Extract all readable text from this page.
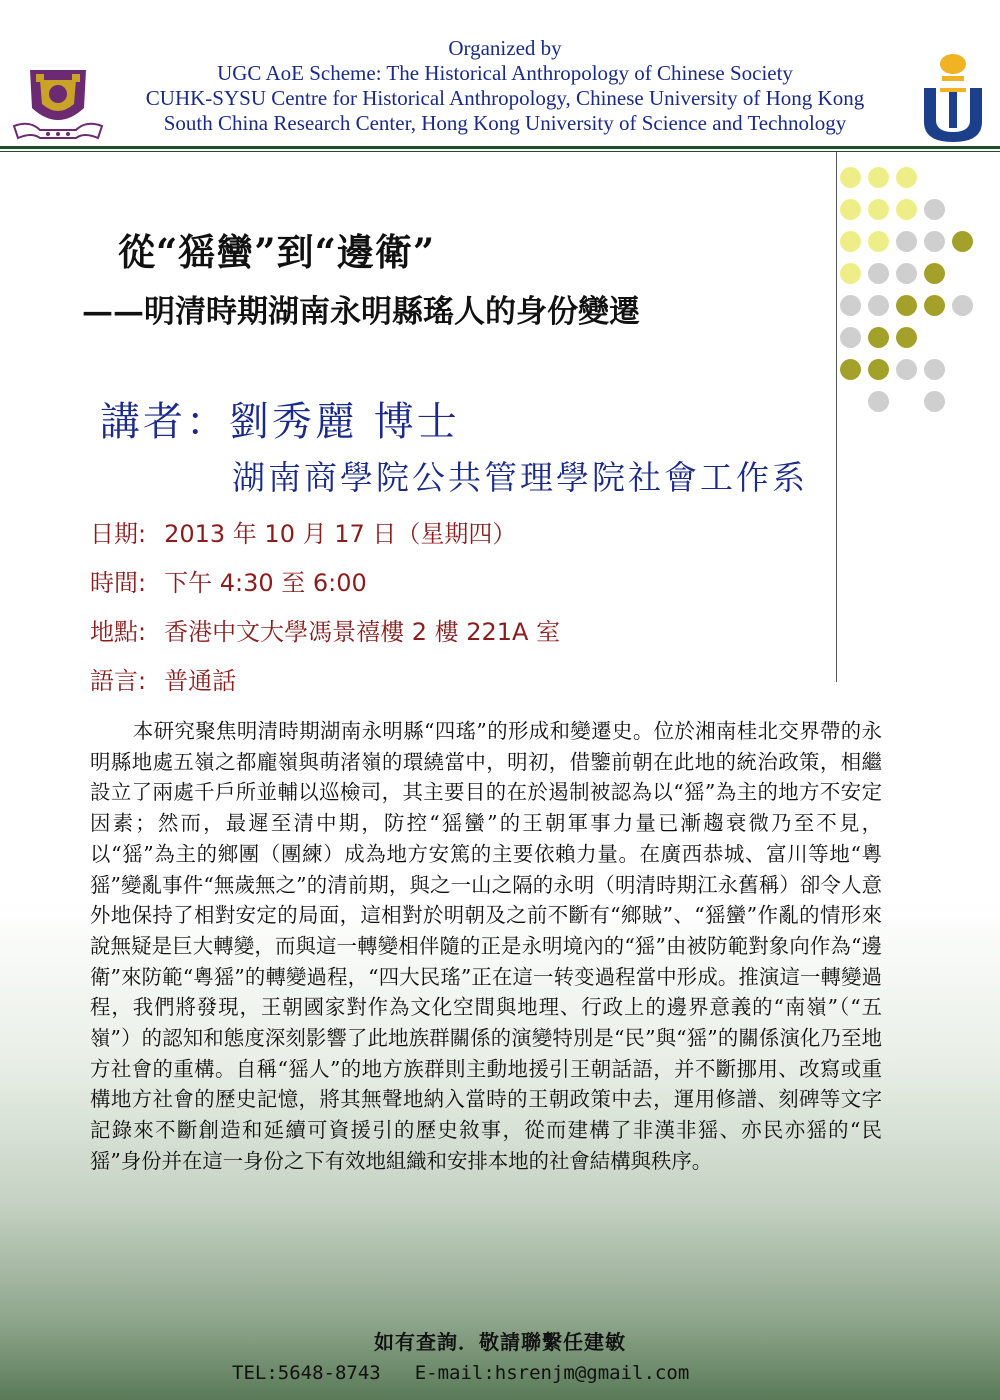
Organized by
UGC AoE Scheme: The Historical Anthropology of Chinese Society
CUHK-SYSU Centre for Historical Anthropology, Chinese University of Hong Kong
South China Research Center, Hong Kong University of Science and Technology
從“猺蠻”到“邊衛”
——明清時期湖南永明縣瑤人的身份變遷
講者：劉秀麗 博士
湖南商學院公共管理學院社會工作系
日期: 2013 年 10 月 17 日（星期四）
時間: 下午 4:30 至 6:00
地點: 香港中文大學馮景禧樓 2 樓 221A 室
語言: 普通話

本研究聚焦明清時期湖南永明縣“四瑤”的形成和變遷史。位於湘南桂北交界帶的永明縣地處五嶺之都龐嶺與萌渚嶺的環繞當中，明初，借鑒前朝在此地的統治政策，相繼設立了兩處千戶所並輔以巡檢司，其主要目的在於遏制被認為以“猺”為主的地方不安定因素；然而，最遲至清中期，防控“猺蠻”的王朝軍事力量已漸趨衰微乃至不見，以“猺”為主的鄉團（團練）成為地方安篤的主要依賴力量。在廣西恭城、富川等地“粵猺”變亂事件“無歲無之”的清前期，與之一山之隔的永明（明清時期江永舊稱）卻令人意外地保持了相對安定的局面，這相對於明朝及之前不斷有“鄉賊”、“猺蠻”作亂的情形來說無疑是巨大轉變，而與這一轉變相伴隨的正是永明境內的“猺”由被防範對象向作為“邊衛”來防範“粵猺”的轉變過程，“四大民瑤”正在這一转变過程當中形成。推演這一轉變過程，我們將發現，王朝國家對作為文化空間與地理、行政上的邊界意義的“南嶺”（“五嶺”）的認知和態度深刻影響了此地族群關係的演變特別是“民”與“猺”的關係演化乃至地方社會的重構。自稱“猺人”的地方族群則主動地援引王朝話語，并不斷挪用、改寫或重構地方社會的歷史記憶，將其無聲地納入當時的王朝政策中去，運用修譜、刻碑等文字記錄來不斷創造和延續可資援引的歷史敘事，從而建構了非漢非猺、亦民亦猺的“民猺”身份并在這一身份之下有效地組織和安排本地的社會結構與秩序。

如有查詢．敬請聯繫任建敏
TEL:5648-8743 E-mail:hsrenjm@gmail.com
